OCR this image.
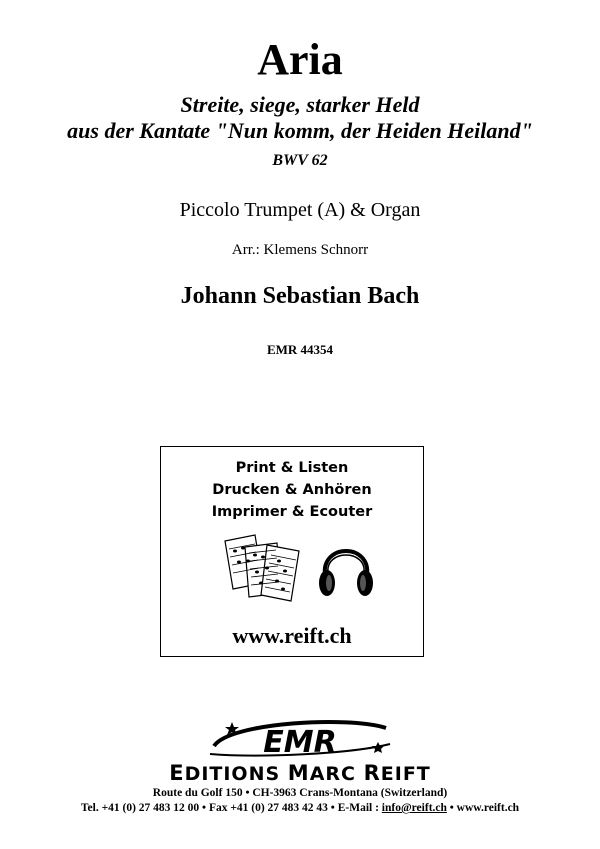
Aria
Streite, siege, starker Held
aus der Kantate "Nun komm, der Heiden Heiland"
BWV 62
Piccolo Trumpet (A) & Organ
Arr.: Klemens Schnorr
Johann Sebastian Bach
EMR 44354
Print & Listen
Drucken & Anhören
Imprimer & Ecouter
www.reift.ch
EMR
EDITIONS MARC REIFT
Route du Golf 150 • CH-3963 Crans-Montana (Switzerland)
Tel. +41 (0) 27 483 12 00 • Fax +41 (0) 27 483 42 43 • E-Mail : info@reift.ch • www.reift.ch
